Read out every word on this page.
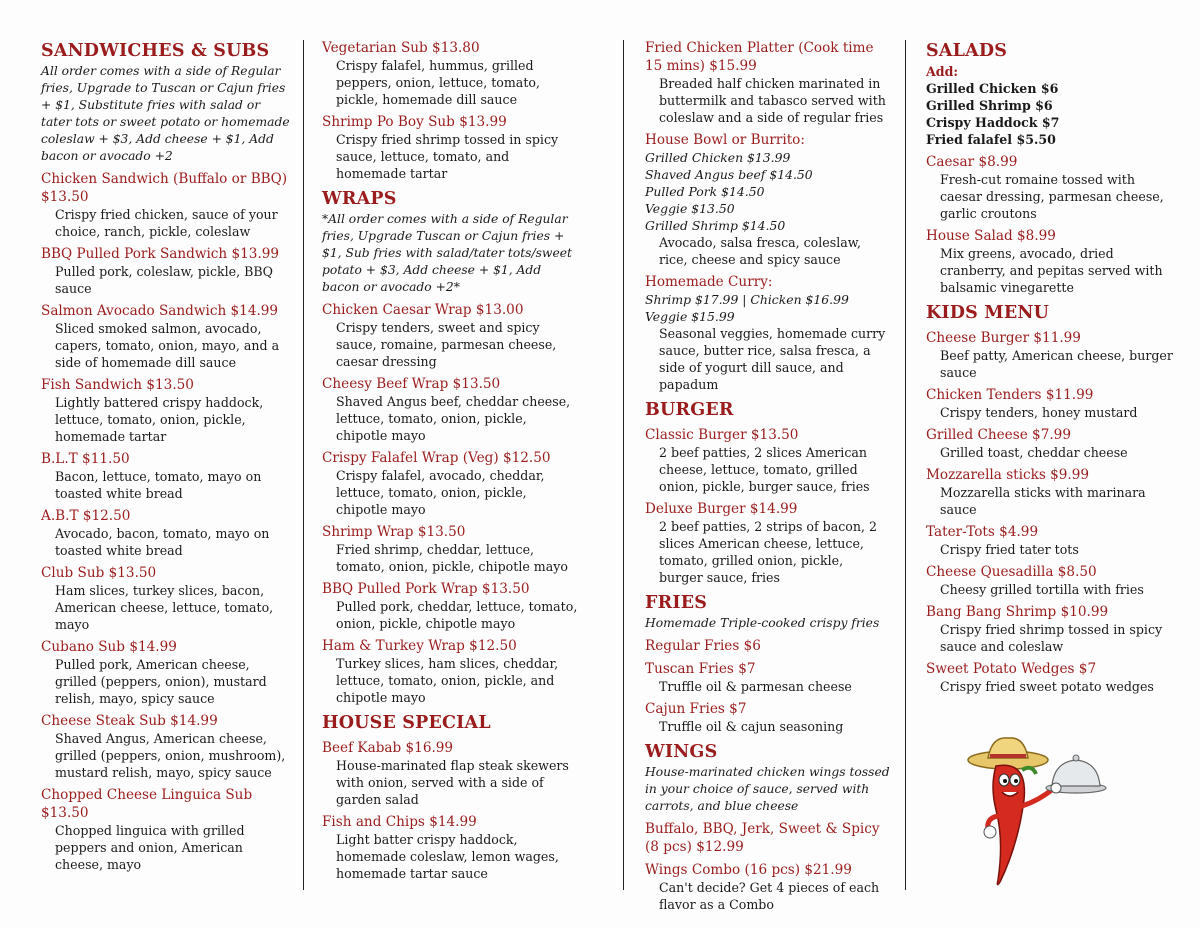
SANDWICHES & SUBS
All order comes with a side of Regular fries, Upgrade to Tuscan or Cajun fries + $1, Substitute fries with salad or tater tots or sweet potato or homemade coleslaw + $3, Add cheese + $1, Add bacon or avocado +2
Chicken Sandwich (Buffalo or BBQ) $13.50
Crispy fried chicken, sauce of your choice, ranch, pickle, coleslaw
BBQ Pulled Pork Sandwich $13.99
Pulled pork, coleslaw, pickle, BBQ sauce
Salmon Avocado Sandwich $14.99
Sliced smoked salmon, avocado, capers, tomato, onion, mayo, and a side of homemade dill sauce
Fish Sandwich $13.50
Lightly battered crispy haddock, lettuce, tomato, onion, pickle, homemade tartar
B.L.T $11.50
Bacon, lettuce, tomato, mayo on toasted white bread
A.B.T $12.50
Avocado, bacon, tomato, mayo on toasted white bread
Club Sub $13.50
Ham slices, turkey slices, bacon, American cheese, lettuce, tomato, mayo
Cubano Sub $14.99
Pulled pork, American cheese, grilled (peppers, onion), mustard relish, mayo, spicy sauce
Cheese Steak Sub $14.99
Shaved Angus, American cheese, grilled (peppers, onion, mushroom), mustard relish, mayo, spicy sauce
Chopped Cheese Linguica Sub $13.50
Chopped linguica with grilled peppers and onion, American cheese, mayo
Vegetarian Sub $13.80
Crispy falafel, hummus, grilled peppers, onion, lettuce, tomato, pickle, homemade dill sauce
Shrimp Po Boy Sub $13.99
Crispy fried shrimp tossed in spicy sauce, lettuce, tomato, and homemade tartar
WRAPS
*All order comes with a side of Regular fries, Upgrade Tuscan or Cajun fries + $1, Sub fries with salad/tater tots/sweet potato + $3, Add cheese + $1, Add bacon or avocado +2*
Chicken Caesar Wrap $13.00
Crispy tenders, sweet and spicy sauce, romaine, parmesan cheese, caesar dressing
Cheesy Beef Wrap $13.50
Shaved Angus beef, cheddar cheese, lettuce, tomato, onion, pickle, chipotle mayo
Crispy Falafel Wrap (Veg) $12.50
Crispy falafel, avocado, cheddar, lettuce, tomato, onion, pickle, chipotle mayo
Shrimp Wrap $13.50
Fried shrimp, cheddar, lettuce, tomato, onion, pickle, chipotle mayo
BBQ Pulled Pork Wrap $13.50
Pulled pork, cheddar, lettuce, tomato, onion, pickle, chipotle mayo
Ham & Turkey Wrap $12.50
Turkey slices, ham slices, cheddar, lettuce, tomato, onion, pickle, and chipotle mayo
HOUSE SPECIAL
Beef Kabab $16.99
House-marinated flap steak skewers with onion, served with a side of garden salad
Fish and Chips $14.99
Light batter crispy haddock, homemade coleslaw, lemon wages, homemade tartar sauce
Fried Chicken Platter (Cook time 15 mins) $15.99
Breaded half chicken marinated in buttermilk and tabasco served with coleslaw and a side of regular fries
House Bowl or Burrito:
Grilled Chicken $13.99
Shaved Angus beef $14.50
Pulled Pork $14.50
Veggie $13.50
Grilled Shrimp $14.50
Avocado, salsa fresca, coleslaw, rice, cheese and spicy sauce
Homemade Curry:
Shrimp $17.99 | Chicken $16.99
Veggie $15.99
Seasonal veggies, homemade curry sauce, butter rice, salsa fresca, a side of yogurt dill sauce, and papadum
BURGER
Classic Burger $13.50
2 beef patties, 2 slices American cheese, lettuce, tomato, grilled onion, pickle, burger sauce, fries
Deluxe Burger $14.99
2 beef patties, 2 strips of bacon, 2 slices American cheese, lettuce, tomato, grilled onion, pickle, burger sauce, fries
FRIES
Homemade Triple-cooked crispy fries
Regular Fries $6
Tuscan Fries $7
Truffle oil & parmesan cheese
Cajun Fries $7
Truffle oil & cajun seasoning
WINGS
House-marinated chicken wings tossed in your choice of sauce, served with carrots, and blue cheese
Buffalo, BBQ, Jerk, Sweet & Spicy (8 pcs) $12.99
Wings Combo (16 pcs) $21.99
Can't decide? Get 4 pieces of each flavor as a Combo
SALADS
Add:
Grilled Chicken $6
Grilled Shrimp $6
Crispy Haddock $7
Fried falafel $5.50
Caesar $8.99
Fresh-cut romaine tossed with caesar dressing, parmesan cheese, garlic croutons
House Salad $8.99
Mix greens, avocado, dried cranberry, and pepitas served with balsamic vinegarette
KIDS MENU
Cheese Burger $11.99
Beef patty, American cheese, burger sauce
Chicken Tenders $11.99
Crispy tenders, honey mustard
Grilled Cheese $7.99
Grilled toast, cheddar cheese
Mozzarella sticks $9.99
Mozzarella sticks with marinara sauce
Tater-Tots $4.99
Crispy fried tater tots
Cheese Quesadilla $8.50
Cheesy grilled tortilla with fries
Bang Bang Shrimp $10.99
Crispy fried shrimp tossed in spicy sauce and coleslaw
Sweet Potato Wedges $7
Crispy fried sweet potato wedges
